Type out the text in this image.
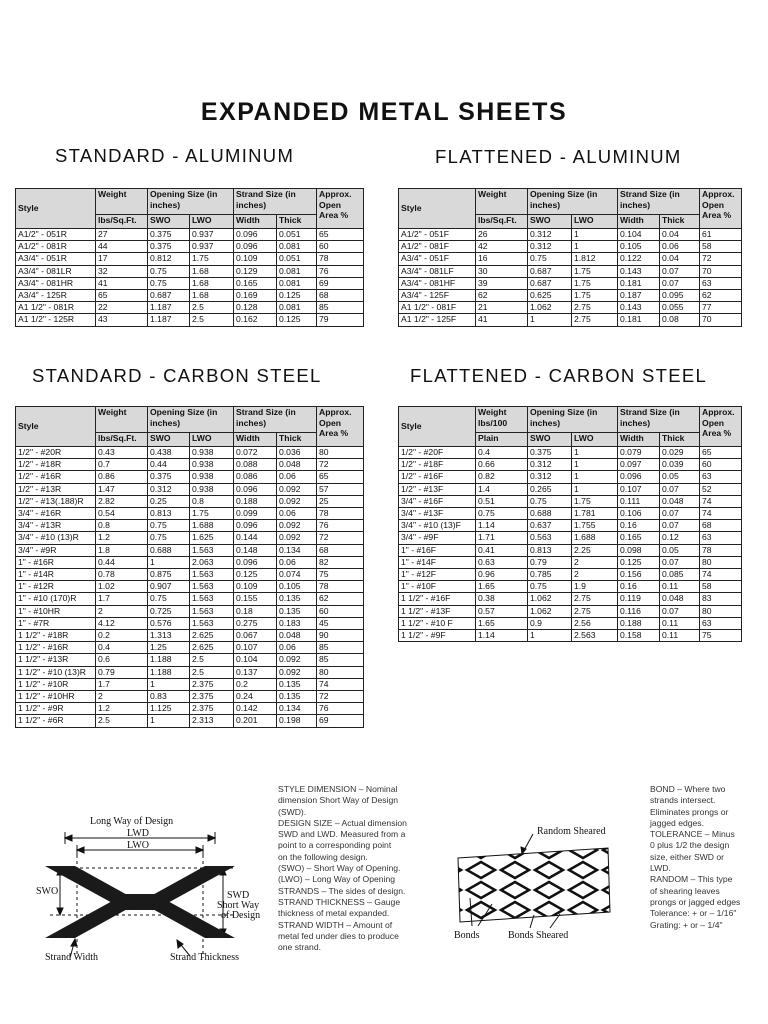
EXPANDED METAL SHEETS
STANDARD - ALUMINUM	FLATTENED - ALUMINUM
STANDARD - CARBON STEEL	FLATTENED - CARBON STEEL
Style	Weight	Opening Size (in inches)		Strand Size (in inches)		Approx. Open Area %
	lbs/Sq.Ft.	SWO	LWO	Width	Thick	
A1/2" - 051R	27	0.375	0.937	0.096	0.051	65
A1/2" - 081R	44	0.375	0.937	0.096	0.081	60
A3/4" - 051R	17	0.812	1.75	0.109	0.051	78
A3/4" - 081LR	32	0.75	1.68	0.129	0.081	76
A3/4" - 081HR	41	0.75	1.68	0.165	0.081	69
A3/4" - 125R	65	0.687	1.68	0.169	0.125	68
A1 1/2" - 081R	22	1.187	2.5	0.128	0.081	85
A1 1/2" - 125R	43	1.187	2.5	0.162	0.125	79
Style	Weight	Opening Size (in inches)		Strand Size (in inches)		Approx. Open Area %
	lbs/Sq.Ft.	SWO	LWO	Width	Thick	
A1/2" - 051F	26	0.312	1	0.104	0.04	61
A1/2" - 081F	42	0.312	1	0.105	0.06	58
A3/4" - 051F	16	0.75	1.812	0.122	0.04	72
A3/4" - 081LF	30	0.687	1.75	0.143	0.07	70
A3/4" - 081HF	39	0.687	1.75	0.181	0.07	63
A3/4" - 125F	62	0.625	1.75	0.187	0.095	62
A1 1/2" - 081F	21	1.062	2.75	0.143	0.055	77
A1 1/2" - 125F	41	1	2.75	0.181	0.08	70
Style	Weight	Opening Size (in inches)		Strand Size (in inches)		Approx. Open Area %
	lbs/Sq.Ft.	SWO	LWO	Width	Thick	
1/2" - #20R	0.43	0.438	0.938	0.072	0.036	80
1/2" - #18R	0.7	0.44	0.938	0.088	0.048	72
1/2" - #16R	0.86	0.375	0.938	0.086	0.06	65
1/2" - #13R	1.47	0.312	0.938	0.096	0.092	57
1/2" - #13(.188)R	2.82	0.25	0.8	0.188	0.092	25
3/4" - #16R	0.54	0.813	1.75	0.099	0.06	78
3/4" - #13R	0.8	0.75	1.688	0.096	0.092	76
3/4" - #10 (13)R	1.2	0.75	1.625	0.144	0.092	72
3/4" - #9R	1.8	0.688	1.563	0.148	0.134	68
1" - #16R	0.44	1	2.063	0.096	0.06	82
1" - #14R	0.78	0.875	1.563	0.125	0.074	75
1" - #12R	1.02	0.907	1.563	0.109	0.105	78
1" - #10 (170)R	1.7	0.75	1.563	0.155	0.135	62
1" - #10HR	2	0.725	1.563	0.18	0.135	60
1" - #7R	4.12	0.576	1.563	0.275	0.183	45
1 1/2" - #18R	0.2	1.313	2.625	0.067	0.048	90
1 1/2" - #16R	0.4	1.25	2.625	0.107	0.06	85
1 1/2" - #13R	0.6	1.188	2.5	0.104	0.092	85
1 1/2" - #10 (13)R	0.79	1.188	2.5	0.137	0.092	80
1 1/2" - #10R	1.7	1	2.375	0.2	0.135	74
1 1/2" - #10HR	2	0.83	2.375	0.24	0.135	72
1 1/2" - #9R	1.2	1.125	2.375	0.142	0.134	76
1 1/2" - #6R	2.5	1	2.313	0.201	0.198	69
Style	Weight lbs/100	Opening Size (in inches)		Strand Size (in inches)		Approx. Open Area %
	Plain	SWO	LWO	Width	Thick	
1/2" - #20F	0.4	0.375	1	0.079	0.029	65
1/2" - #18F	0.66	0.312	1	0.097	0.039	60
1/2" - #16F	0.82	0.312	1	0.096	0.05	63
1/2" - #13F	1.4	0.265	1	0.107	0.07	52
3/4" - #16F	0.51	0.75	1.75	0.111	0.048	74
3/4" - #13F	0.75	0.688	1.781	0.106	0.07	74
3/4" - #10 (13)F	1.14	0.637	1.755	0.16	0.07	68
3/4" - #9F	1.71	0.563	1.688	0.165	0.12	63
1" - #16F	0.41	0.813	2.25	0.098	0.05	78
1" - #14F	0.63	0.79	2	0.125	0.07	80
1" - #12F	0.96	0.785	2	0.156	0.085	74
1" - #10F	1.65	0.75	1.9	0.16	0.11	58
1 1/2" - #16F	0.38	1.062	2.75	0.119	0.048	83
1 1/2" - #13F	0.57	1.062	2.75	0.116	0.07	80
1 1/2" - #10 F	1.65	0.9	2.56	0.188	0.11	63
1 1/2" - #9F	1.14	1	2.563	0.158	0.11	75
Long Way of Design
LWD
LWO
SWO	SWD
Short Way
of Design
Strand Width	Strand Thickness
STYLE DIMENSION – Nominal
dimension Short Way of Design
(SWD).
DESIGN SIZE – Actual dimension
SWD and LWD. Measured from a
point to a corresponding point
on the following design.
(SWO) – Short Way of Opening.
(LWO) – Long Way of Opening
STRANDS – The sides of design.
STRAND THICKNESS – Gauge
thickness of metal expanded.
STRAND WIDTH – Amount of
metal fed under dies to produce
one strand.
Random Sheared
Bonds	Bonds Sheared
BOND – Where two
strands intersect.
Eliminates prongs or
jagged edges.
TOLERANCE – Minus
0 plus 1/2 the design
size, either SWD or
LWD.
RANDOM – This type
of shearing leaves
prongs or jagged edges
Tolerance: + or – 1/16"
Grating: + or – 1/4"
